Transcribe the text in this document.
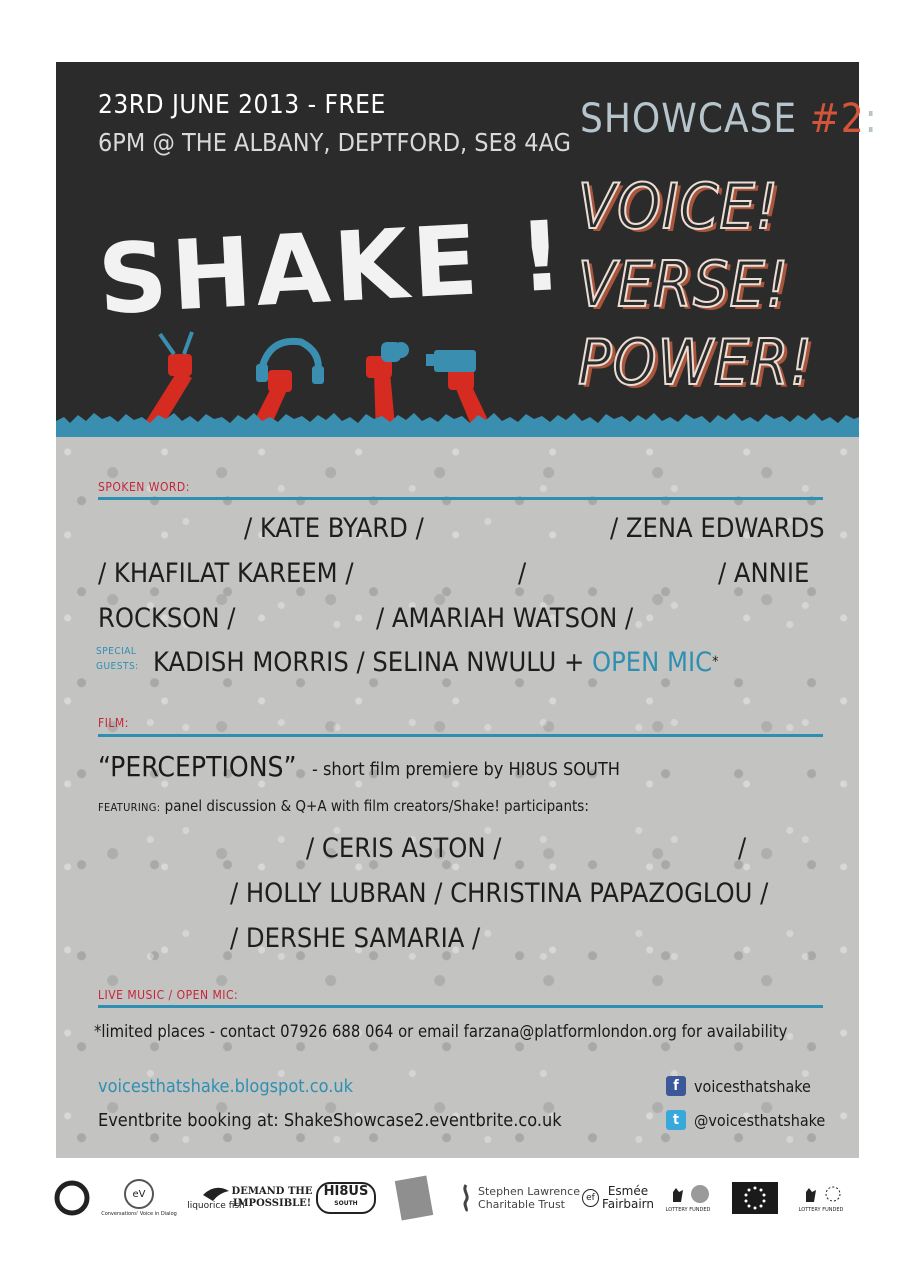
23RD JUNE 2013 - FREE
6PM @ THE ALBANY, DEPTFORD, SE8 4AG
SHOWCASE #2:
VOICE!
VERSE!
POWER!
SHAKE !
SPOKEN WORD:
/ KATE BYARD /	/ ZENA EDWARDS
/ KHAFILAT KAREEM /	/	/ ANNIE
ROCKSON /	/ AMARIAH WATSON /
SPECIAL
GUESTS: KADISH MORRIS / SELINA NWULU + OPEN MIC*
FILM:
“PERCEPTIONS” - short film premiere by HI8US SOUTH
FEATURING: panel discussion & Q+A with film creators/Shake! participants:
/ CERIS ASTON /	/
/ HOLLY LUBRAN / CHRISTINA PAPAZOGLOU /
/ DERSHE SAMARIA /
LIVE MUSIC / OPEN MIC:
*limited places - contact 07926 688 064 or email farzana@platformlondon.org for availability
voicesthatshake.blogspot.co.uk
Eventbrite booking at: ShakeShowcase2.eventbrite.co.uk
f voicesthatshake
t @voicesthatshake
eV
Conversations' Voice in Dialog
liquorice fish
DEMAND THE
IMPOSSIBLE!
HI8US
SOUTH
Stephen Lawrence
Charitable Trust
ef	Esmée
Fairbairn LOTTERY FUNDED	LOTTERY FUNDED
